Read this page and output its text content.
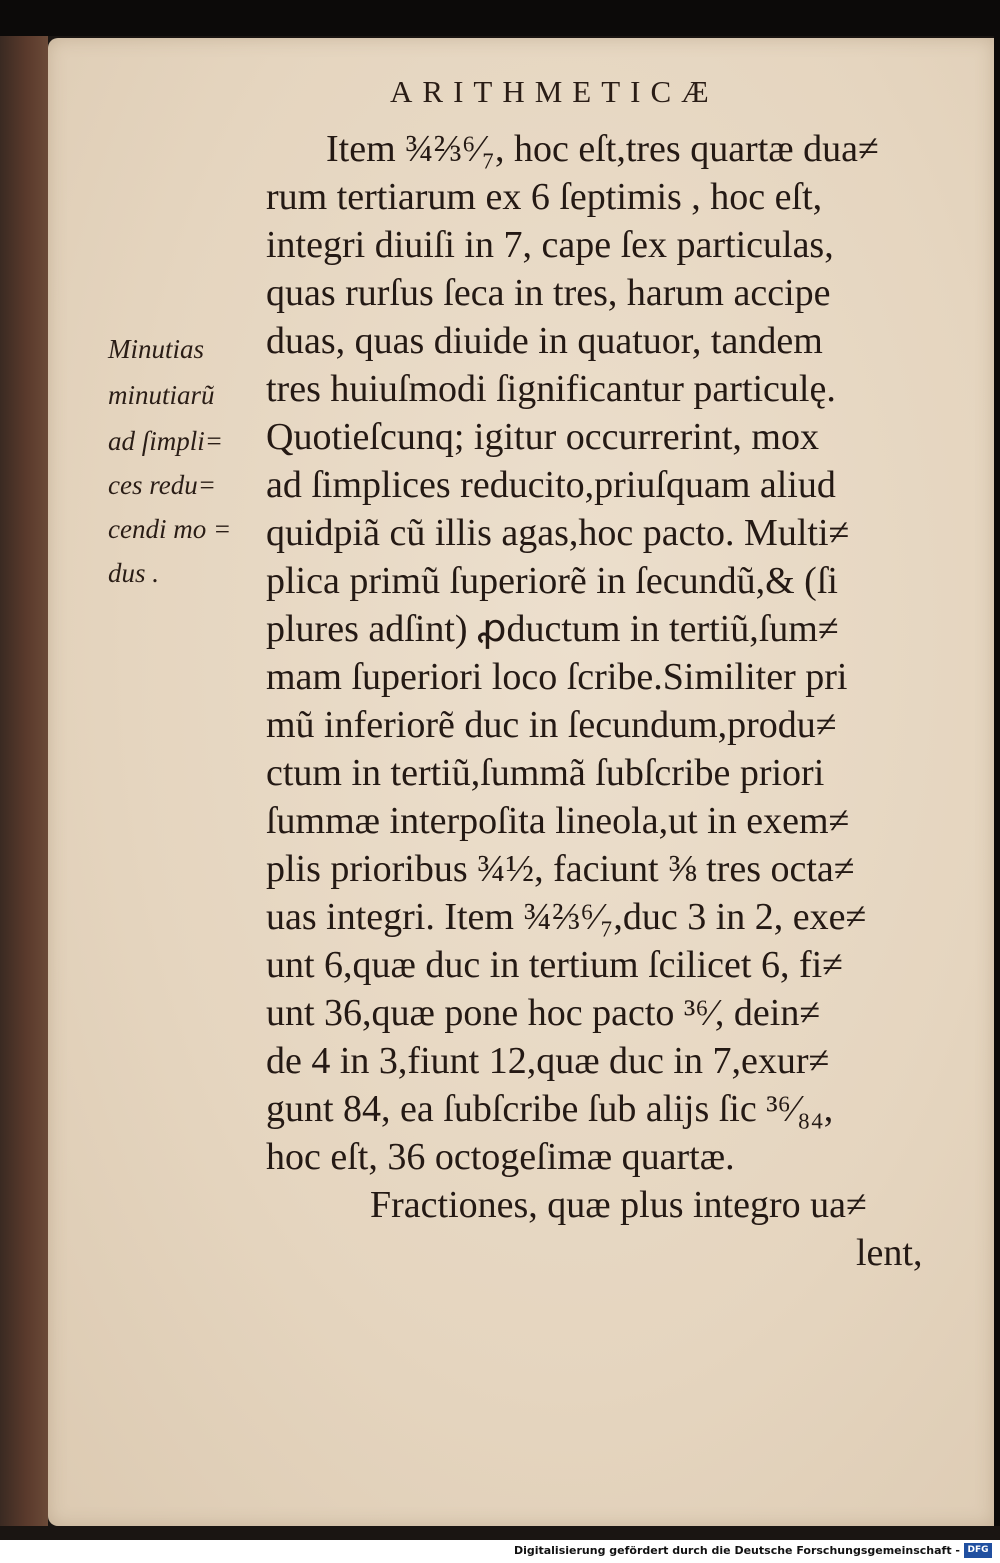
ARITHMETICÆ
Minutias
minutiarũ
ad ſimpli=
ces redu=
cendi mo =
dus .
Item ¾⅔⁶⁄₇, hoc eſt,tres quartæ dua≠
rum tertiarum ex 6 ſeptimis , hoc eſt,
integri diuiſi in 7, cape ſex particulas,
quas rurſus ſeca in tres, harum accipe
duas, quas diuide in quatuor, tandem
tres huiuſmodi ſignificantur particulę.
Quotieſcunq; igitur occurrerint, mox
ad ſimplices reducito,priuſquam aliud
quidpiã cũ illis agas,hoc pacto. Multi≠
plica primũ ſuperiorẽ in ſecundũ,& (ſi
plures adſint) ꝓductum in tertiũ,ſum≠
mam ſuperiori loco ſcribe.Similiter pri
mũ inferiorẽ duc in ſecundum,produ≠
ctum in tertiũ,ſummã ſubſcribe priori
ſummæ interpoſita lineola,ut in exem≠
plis prioribus ¾½, faciunt ⅜ tres octa≠
uas integri. Item ¾⅔⁶⁄₇,duc 3 in 2, exe≠
unt 6,quæ duc in tertium ſcilicet 6, fi≠
unt 36,quæ pone hoc pacto ³⁶⁄, dein≠
de 4 in 3,fiunt 12,quæ duc in 7,exur≠
gunt 84, ea ſubſcribe ſub alijs ſic ³⁶⁄₈₄,
hoc eſt, 36 octogeſimæ quartæ.
Fractiones, quæ plus integro ua≠
lent,
Digitalisierung gefördert durch die Deutsche Forschungsgemeinschaft - DFG
